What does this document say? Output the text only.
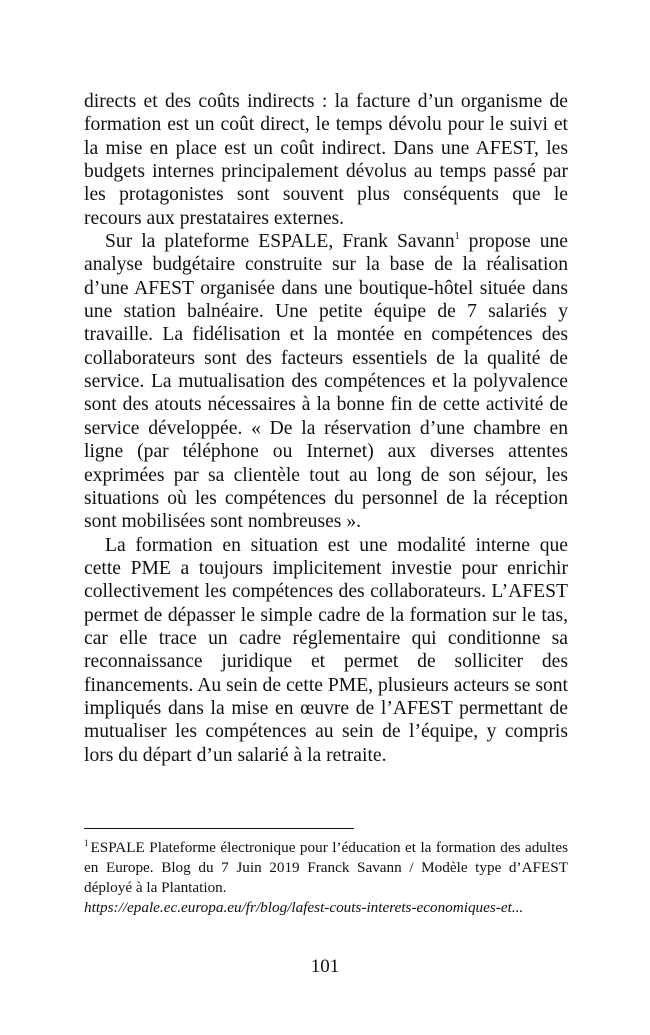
directs et des coûts indirects : la facture d’un organisme de formation est un coût direct, le temps dévolu pour le suivi et la mise en place est un coût indirect. Dans une AFEST, les budgets internes principalement dévolus au temps passé par les protagonistes sont souvent plus conséquents que le recours aux prestataires externes.

Sur la plateforme ESPALE, Frank Savann$^1$ propose une analyse budgétaire construite sur la base de la réalisation d’une AFEST organisée dans une boutique-hôtel située dans une station balnéaire. Une petite équipe de 7 salariés y travaille. La fidélisation et la montée en compétences des collaborateurs sont des facteurs essentiels de la qualité de service. La mutualisation des compétences et la polyvalence sont des atouts nécessaires à la bonne fin de cette activité de service développée. « De la réservation d’une chambre en ligne (par téléphone ou Internet) aux diverses attentes exprimées par sa clientèle tout au long de son séjour, les situations où les compétences du personnel de la réception sont mobilisées sont nombreuses ».

La formation en situation est une modalité interne que cette PME a toujours implicitement investie pour enrichir collectivement les compétences des collaborateurs. L’AFEST permet de dépasser le simple cadre de la formation sur le tas, car elle trace un cadre réglementaire qui conditionne sa reconnaissance juridique et permet de solliciter des financements. Au sein de cette PME, plusieurs acteurs se sont impliqués dans la mise en œuvre de l’AFEST permettant de mutualiser les compétences au sein de l’équipe, y compris lors du départ d’un salarié à la retraite.

$^1$ ESPALE Plateforme électronique pour l’éducation et la formation des adultes en Europe. Blog du 7 Juin 2019 Franck Savann / Modèle type d’AFEST déployé à la Plantation.

https://epale.ec.europa.eu/fr/blog/lafest-couts-interets-economiques-et...

101
